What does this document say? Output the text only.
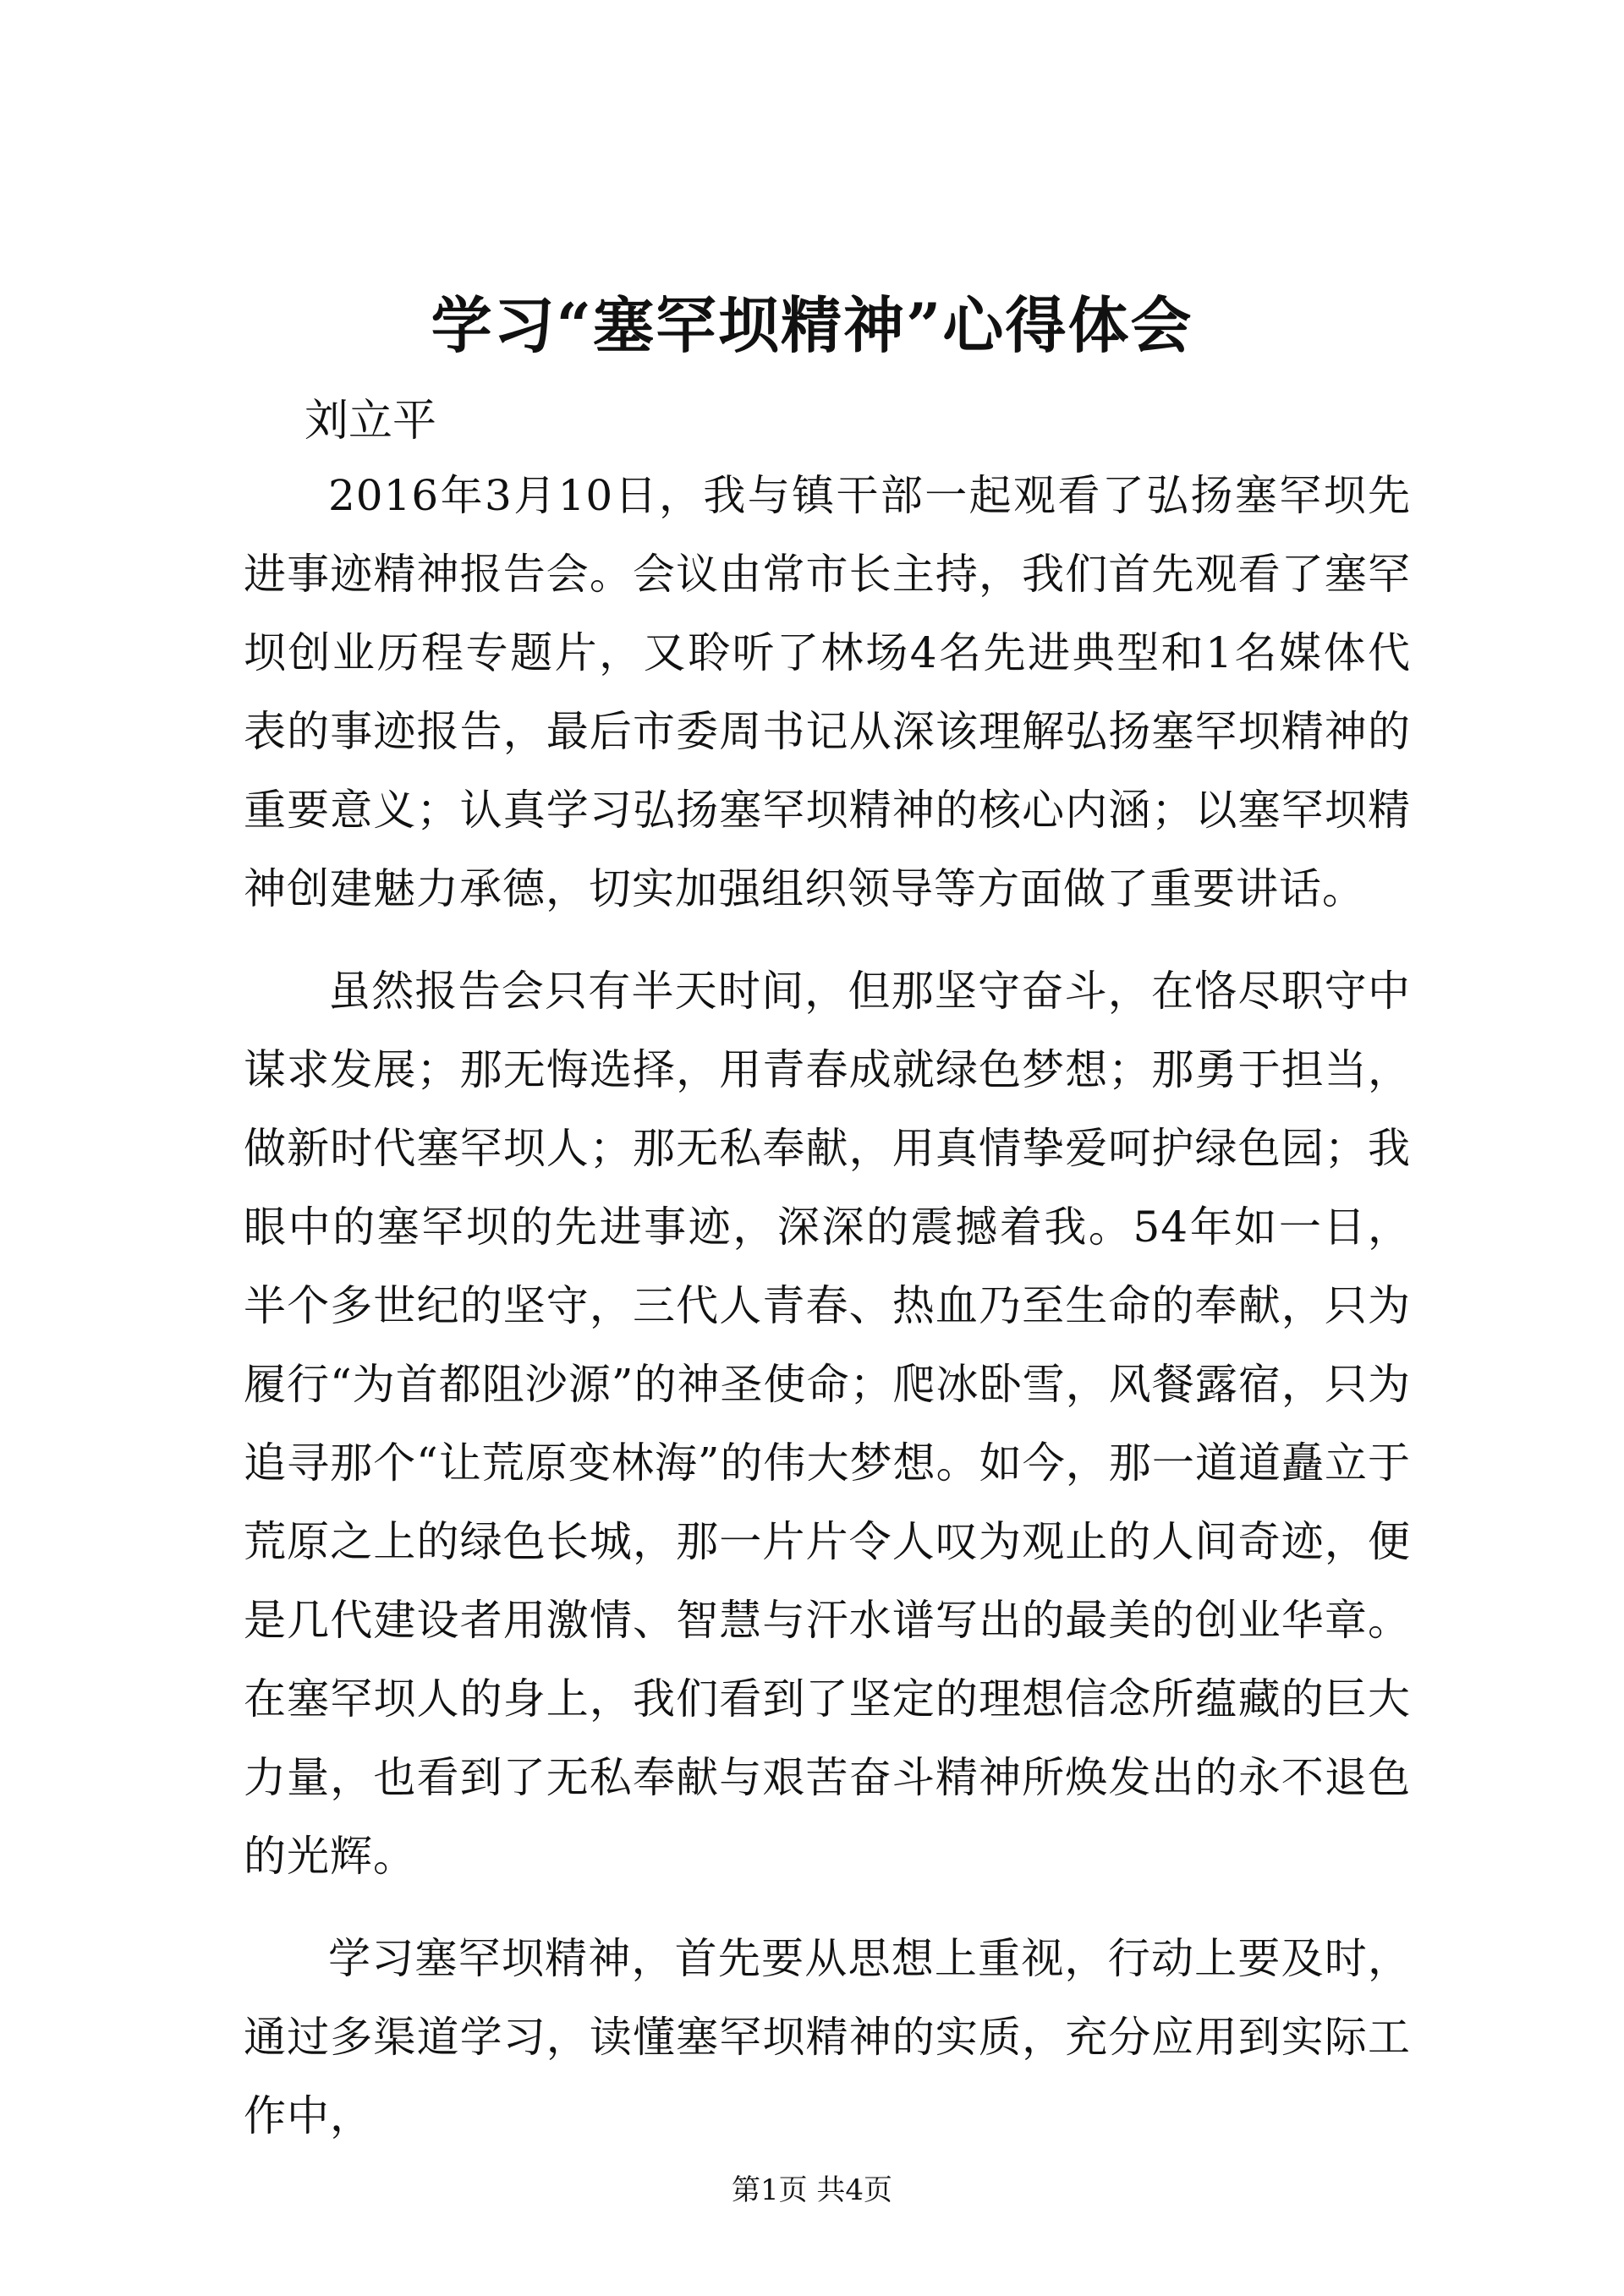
学习“塞罕坝精神”心得体会

刘立平

2016年3月10日，我与镇干部一起观看了弘扬塞罕坝先进事迹精神报告会。会议由常市长主持，我们首先观看了塞罕坝创业历程专题片，又聆听了林场4名先进典型和1名媒体代表的事迹报告，最后市委周书记从深该理解弘扬塞罕坝精神的重要意义；认真学习弘扬塞罕坝精神的核心内涵；以塞罕坝精神创建魅力承德，切实加强组织领导等方面做了重要讲话。

虽然报告会只有半天时间，但那坚守奋斗，在恪尽职守中谋求发展；那无悔选择，用青春成就绿色梦想；那勇于担当，做新时代塞罕坝人；那无私奉献，用真情挚爱呵护绿色园；我眼中的塞罕坝的先进事迹，深深的震撼着我。54年如一日，半个多世纪的坚守，三代人青春、热血乃至生命的奉献，只为履行“为首都阻沙源”的神圣使命；爬冰卧雪，风餐露宿，只为追寻那个“让荒原变林海”的伟大梦想。如今，那一道道矗立于荒原之上的绿色长城，那一片片令人叹为观止的人间奇迹，便是几代建设者用激情、智慧与汗水谱写出的最美的创业华章。在塞罕坝人的身上，我们看到了坚定的理想信念所蕴藏的巨大力量，也看到了无私奉献与艰苦奋斗精神所焕发出的永不退色的光辉。

学习塞罕坝精神，首先要从思想上重视，行动上要及时，通过多渠道学习，读懂塞罕坝精神的实质，充分应用到实际工作中，

第1页 共4页
